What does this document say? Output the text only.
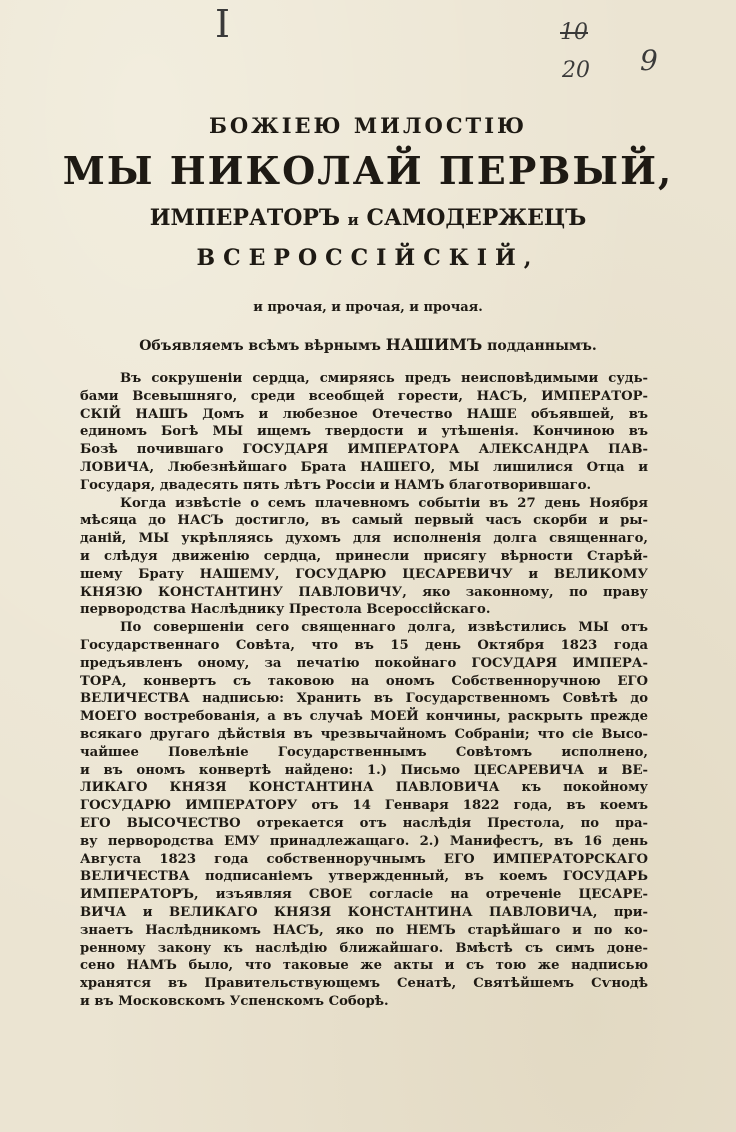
I	10
20 9
БОЖІЕЮ МИЛОСТІЮ
МЫ НИКОЛАЙ ПЕРВЫЙ,
ИМПЕРАТОРЪ и САМОДЕРЖЕЦЪ
ВСЕРОССІЙСКІЙ,
и прочая, и прочая, и прочая.
Объявляемъ всѣмъ вѣрнымъ НАШИМЪ подданнымъ.
Въ сокрушеніи сердца, смиряясь предъ неисповѣдимыми судь-
бами Всевышняго, среди всеобщей горести, НАСЪ, ИМПЕРАТОР-
СКІЙ НАШЪ Домъ и любезное Отечество НАШЕ объявшей, въ
единомъ Богѣ МЫ ищемъ твердости и утѣшенія. Кончиною въ
Бозѣ почившаго ГОСУДАРЯ ИМПЕРАТОРА АЛЕКСАНДРА ПАВ-
ЛОВИЧА, Любезнѣйшаго Брата НАШЕГО, МЫ лишилися Отца и
Государя, двадесять пять лѣтъ Россіи и НАМЪ благотворившаго.
Когда извѣстіе о семъ плачевномъ событіи въ 27 день Ноября
мѣсяца до НАСЪ достигло, въ самый первый часъ скорби и ры-
даній, МЫ укрѣпляясь духомъ для исполненія долга священнаго,
и слѣдуя движенію сердца, принесли присягу вѣрности Старѣй-
шему Брату НАШЕМУ, ГОСУДАРЮ ЦЕСАРЕВИЧУ и ВЕЛИКОМУ
КНЯЗЮ КОНСТАНТИНУ ПАВЛОВИЧУ, яко законному, по праву
первородства Наслѣднику Престола Всероссійскаго.
По совершеніи сего священнаго долга, извѣстились МЫ отъ
Государственнаго Совѣта, что въ 15 день Октября 1823 года
предъявленъ оному, за печатію покойнаго ГОСУДАРЯ ИМПЕРА-
ТОРА, конвертъ съ таковою на ономъ Собственноручною ЕГО
ВЕЛИЧЕСТВА надписью: Хранить въ Государственномъ Совѣтѣ до
МОЕГО востребованія, а въ случаѣ МОЕЙ кончины, раскрыть прежде
всякаго другаго дѣйствія въ чрезвычайномъ Собраніи; что сіе Высо-
чайшее Повелѣніе Государственнымъ Совѣтомъ исполнено,
и въ ономъ конвертѣ найдено: 1.) Письмо ЦЕСАРЕВИЧА и ВЕ-
ЛИКАГО КНЯЗЯ КОНСТАНТИНА ПАВЛОВИЧА къ покойному
ГОСУДАРЮ ИМПЕРАТОРУ отъ 14 Генваря 1822 года, въ коемъ
ЕГО ВЫСОЧЕСТВО отрекается отъ наслѣдія Престола, по пра-
ву первородства ЕМУ принадлежащаго. 2.) Манифестъ, въ 16 день
Августа 1823 года собственноручнымъ ЕГО ИМПЕРАТОРСКАГО
ВЕЛИЧЕСТВА подписаніемъ утвержденный, въ коемъ ГОСУДАРЬ
ИМПЕРАТОРЪ, изъявляя СВОЕ согласіе на отреченіе ЦЕСАРЕ-
ВИЧА и ВЕЛИКАГО КНЯЗЯ КОНСТАНТИНА ПАВЛОВИЧА, при-
знаетъ Наслѣдникомъ НАСЪ, яко по НЕМЪ старѣйшаго и по ко-
ренному закону къ наслѣдію ближайшаго. Вмѣстѣ съ симъ доне-
сено НАМЪ было, что таковые же акты и съ тою же надписью
хранятся въ Правительствующемъ Сенатѣ, Святѣйшемъ Сѵнодѣ
и въ Московскомъ Успенскомъ Соборѣ.
